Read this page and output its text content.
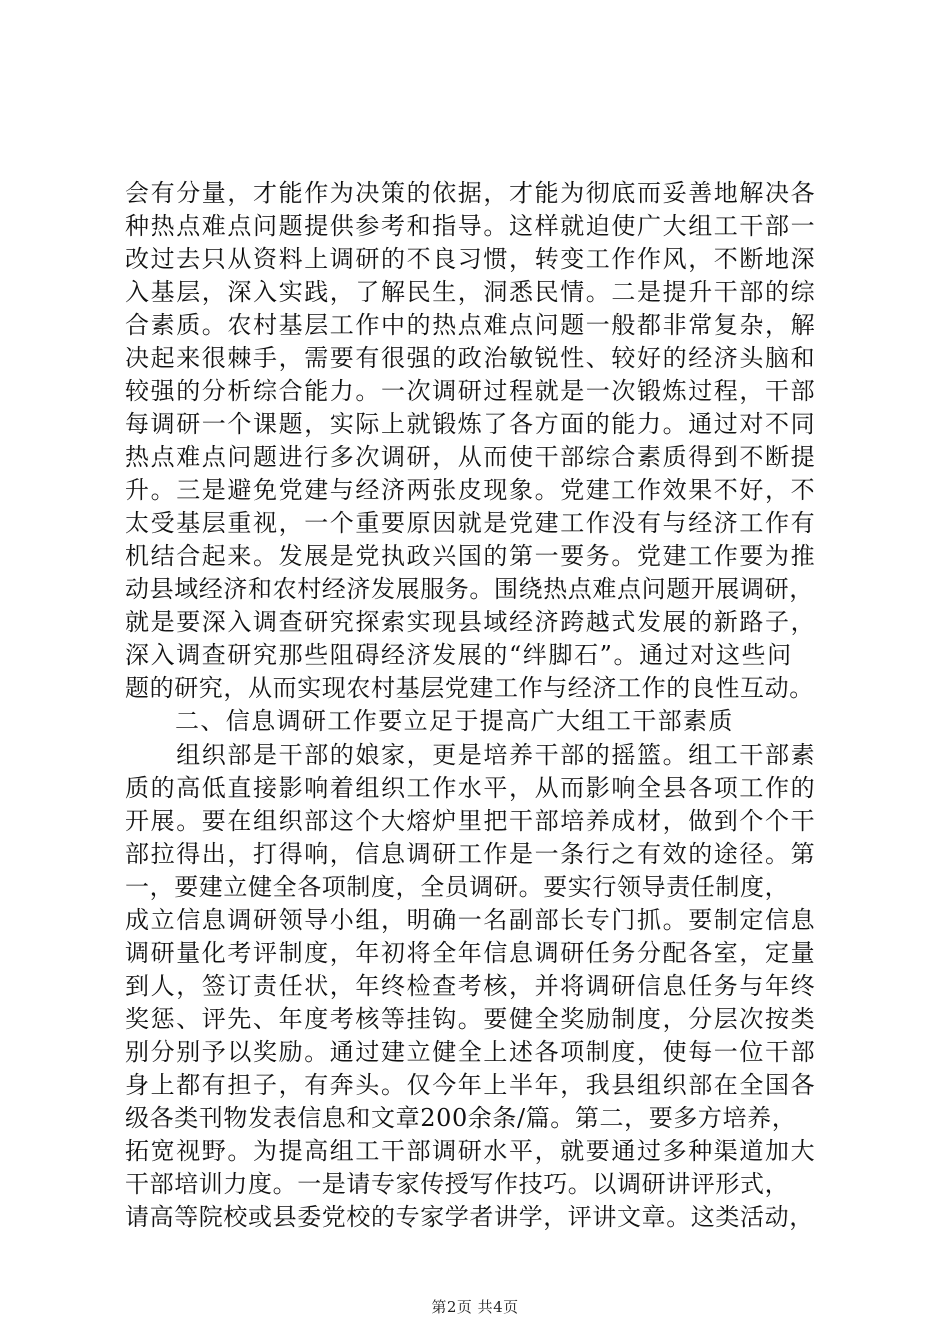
会有分量，才能作为决策的依据，才能为彻底而妥善地解决各
种热点难点问题提供参考和指导。这样就迫使广大组工干部一
改过去只从资料上调研的不良习惯，转变工作作风，不断地深
入基层，深入实践，了解民生，洞悉民情。二是提升干部的综
合素质。农村基层工作中的热点难点问题一般都非常复杂，解
决起来很棘手，需要有很强的政治敏锐性、较好的经济头脑和
较强的分析综合能力。一次调研过程就是一次锻炼过程，干部
每调研一个课题，实际上就锻炼了各方面的能力。通过对不同
热点难点问题进行多次调研，从而使干部综合素质得到不断提
升。三是避免党建与经济两张皮现象。党建工作效果不好，不
太受基层重视，一个重要原因就是党建工作没有与经济工作有
机结合起来。发展是党执政兴国的第一要务。党建工作要为推
动县域经济和农村经济发展服务。围绕热点难点问题开展调研，
就是要深入调查研究探索实现县域经济跨越式发展的新路子，
深入调查研究那些阻碍经济发展的“绊脚石”。通过对这些问
题的研究，从而实现农村基层党建工作与经济工作的良性互动。
二、信息调研工作要立足于提高广大组工干部素质
　　组织部是干部的娘家，更是培养干部的摇篮。组工干部素
质的高低直接影响着组织工作水平，从而影响全县各项工作的
开展。要在组织部这个大熔炉里把干部培养成材，做到个个干
部拉得出，打得响，信息调研工作是一条行之有效的途径。第
一，要建立健全各项制度，全员调研。要实行领导责任制度，
成立信息调研领导小组，明确一名副部长专门抓。要制定信息
调研量化考评制度，年初将全年信息调研任务分配各室，定量
到人，签订责任状，年终检查考核，并将调研信息任务与年终
奖惩、评先、年度考核等挂钩。要健全奖励制度，分层次按类
别分别予以奖励。通过建立健全上述各项制度，使每一位干部
身上都有担子，有奔头。仅今年上半年，我县组织部在全国各
级各类刊物发表信息和文章200余条/篇。第二，要多方培养，
拓宽视野。为提高组工干部调研水平，就要通过多种渠道加大
干部培训力度。一是请专家传授写作技巧。以调研讲评形式，
请高等院校或县委党校的专家学者讲学，评讲文章。这类活动，
第2页 共4页
